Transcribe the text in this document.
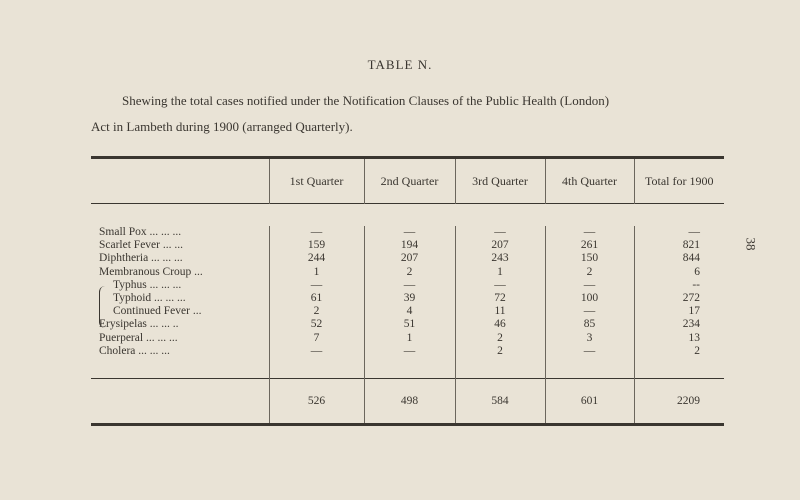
TABLE N.
Shewing the total cases notified under the Notification Clauses of the Public Health (London)
Act in Lambeth during 1900 (arranged Quarterly).
38

	1st Quarter	2nd Quarter	3rd Quarter	4th Quarter	Total for 1900

Small Pox ... ... ...	—	—	—	—	—
Scarlet Fever ... ...	159	194	207	261	821
Diphtheria ... ... ...	244	207	243	150	844
Membranous Croup ...	1	2	1	2	6
Typhus ... ... ...	—	—	—	—	--
Typhoid ... ... ...	61	39	72	100	272
Continued Fever ...	2	4	11	—	17
Erysipelas ... ... ..	52	51	46	85	234
Puerperal ... ... ...	7	1	2	3	13
Cholera ... ... ...	—	—	2	—	2

	526	498	584	601	2209
